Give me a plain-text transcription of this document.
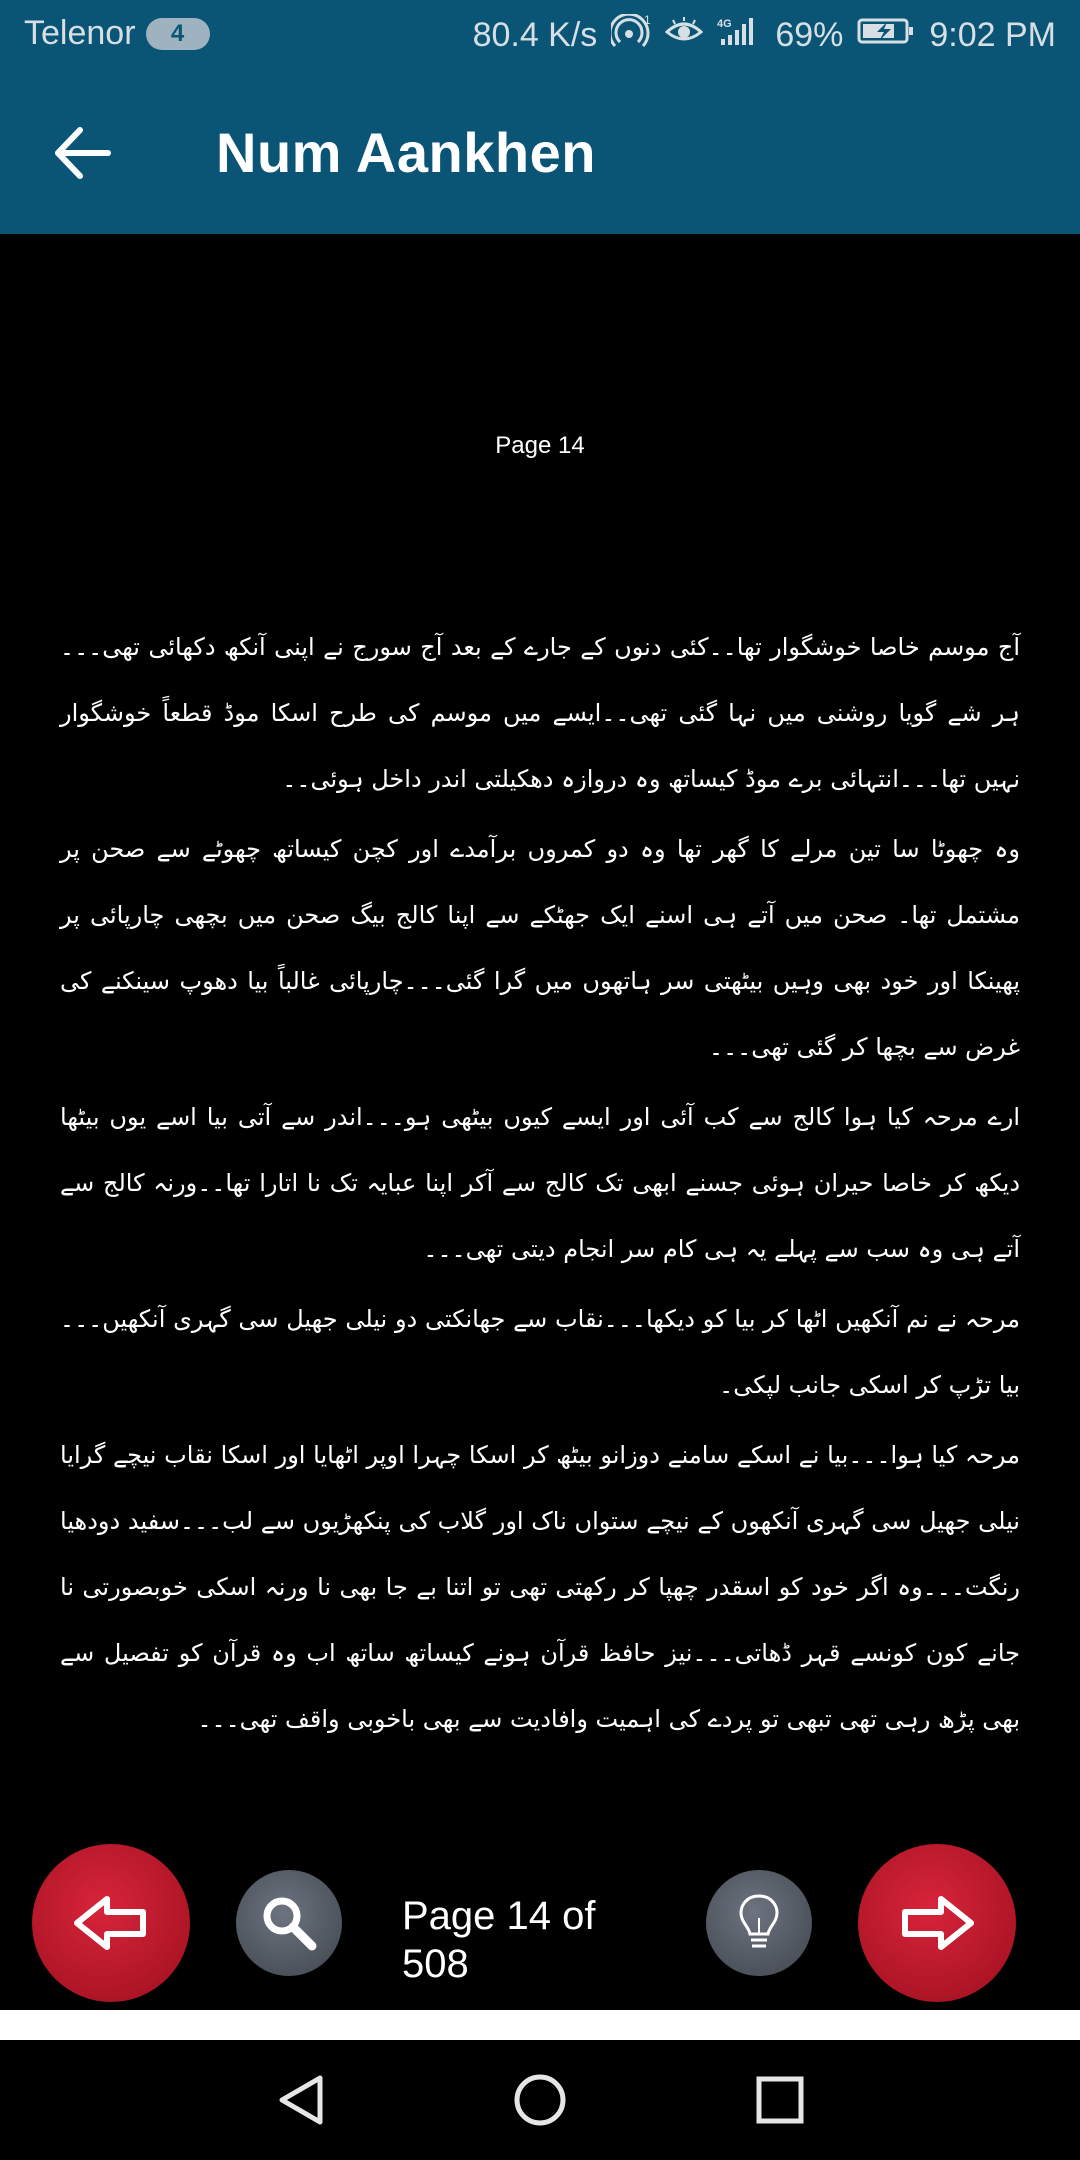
Telenor	4	80.4 K/s	1	4G 69%	9:02 PM
Num Aankhen
Page 14

آج موسم خاصا خوشگوار تھا۔۔کئی دنوں کے جارے کے بعد آج سورج نے اپنی آنکھ دکھائی تھی۔۔۔ہر شے گویا روشنی میں نہا گئی تھی۔۔ایسے میں موسم کی طرح اسکا موڈ قطعاً خوشگوار نہیں تھا۔۔۔انتہائی برے موڈ کیساتھ وہ دروازہ دھکیلتی اندر داخل ہوئی۔۔

وہ چھوٹا سا تین مرلے کا گھر تھا وہ دو کمروں برآمدے اور کچن کیساتھ چھوٹے سے صحن پر مشتمل تھا۔ صحن میں آتے ہی اسنے ایک جھٹکے سے اپنا کالج بیگ صحن میں بچھی چارپائی پر پھینکا اور خود بھی وہیں بیٹھتی سر ہاتھوں میں گرا گئی۔۔۔چارپائی غالباً بیا دھوپ سینکنے کی غرض سے بچھا کر گئی تھی۔۔۔

ارے مرحہ کیا ہوا کالج سے کب آئی اور ایسے کیوں بیٹھی ہو۔۔۔اندر سے آتی بیا اسے یوں بیٹھا دیکھ کر خاصا حیران ہوئی جسنے ابھی تک کالج سے آکر اپنا عبایہ تک نا اتارا تھا۔۔ورنہ کالج سے آتے ہی وہ سب سے پہلے یہ ہی کام سر انجام دیتی تھی۔۔۔

مرحہ نے نم آنکھیں اٹھا کر بیا کو دیکھا۔۔۔نقاب سے جھانکتی دو نیلی جھیل سی گہری آنکھیں۔۔۔بیا تڑپ کر اسکی جانب لپکی۔

مرحہ کیا ہوا۔۔۔بیا نے اسکے سامنے دوزانو بیٹھ کر اسکا چہرا اوپر اٹھایا اور اسکا نقاب نیچے گرایا نیلی جھیل سی گہری آنکھوں کے نیچے ستواں ناک اور گلاب کی پنکھڑیوں سے لب۔۔۔سفید دودھیا رنگت۔۔۔وہ اگر خود کو اسقدر چھپا کر رکھتی تھی تو اتنا بے جا بھی نا ورنہ اسکی خوبصورتی نا جانے کون کونسے قہر ڈھاتی۔۔۔نیز حافظ قرآن ہونے کیساتھ ساتھ اب وہ قرآن کو تفصیل سے بھی پڑھ رہی تھی تبھی تو پردے کی اہمیت وافادیت سے بھی باخوبی واقف تھی۔۔۔

Page 14 of 508
